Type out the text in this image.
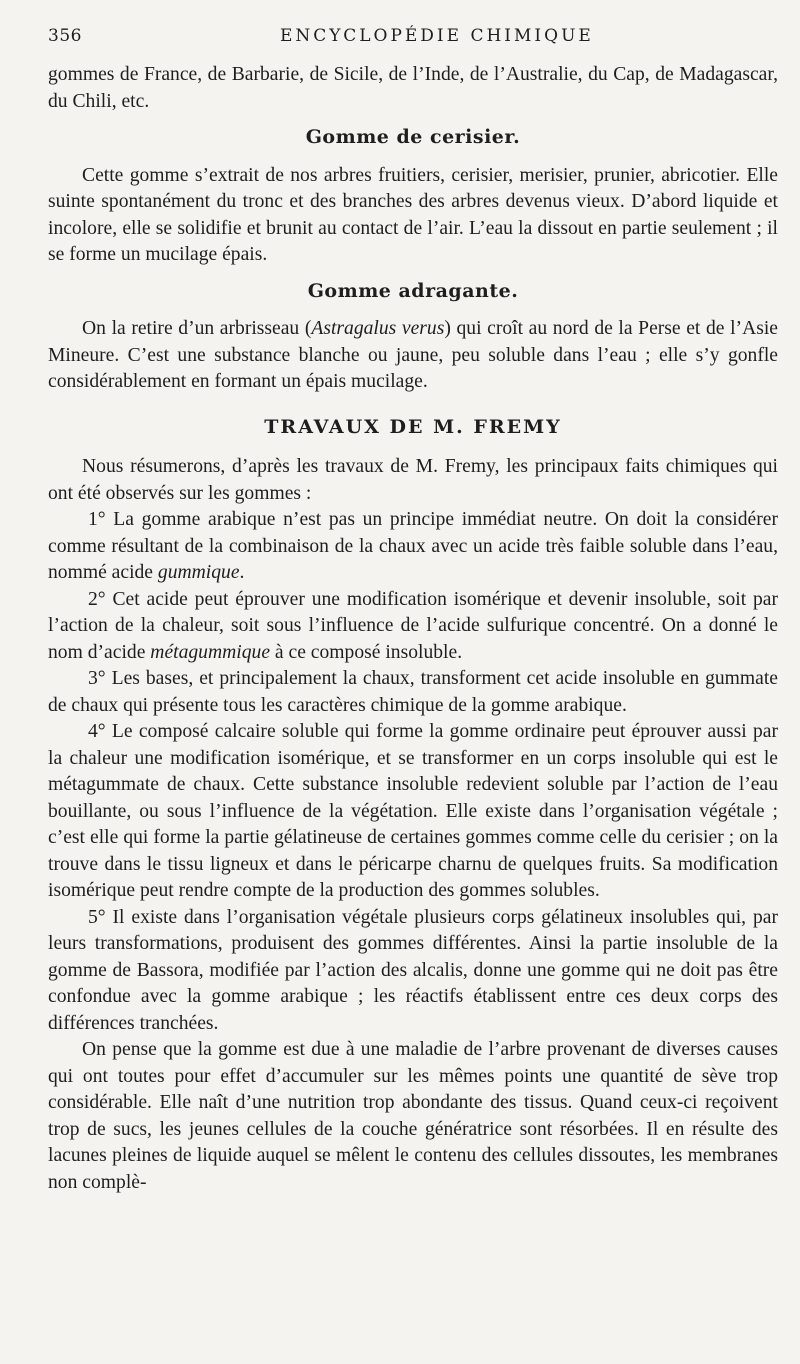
356	ENCYCLOPÉDIE CHIMIQUE

gommes de France, de Barbarie, de Sicile, de l’Inde, de l’Australie, du Cap, de Madagascar, du Chili, etc.

Gomme de cerisier.

Cette gomme s’extrait de nos arbres fruitiers, cerisier, merisier, prunier, abricotier. Elle suinte spontanément du tronc et des branches des arbres devenus vieux. D’abord liquide et incolore, elle se solidifie et brunit au contact de l’air. L’eau la dissout en partie seulement ; il se forme un mucilage épais.

Gomme adragante.

On la retire d’un arbrisseau (Astragalus verus) qui croît au nord de la Perse et de l’Asie Mineure. C’est une substance blanche ou jaune, peu soluble dans l’eau ; elle s’y gonfle considérablement en formant un épais mucilage.

TRAVAUX DE M. FREMY

Nous résumerons, d’après les travaux de M. Fremy, les principaux faits chimiques qui ont été observés sur les gommes :

1° La gomme arabique n’est pas un principe immédiat neutre. On doit la considérer comme résultant de la combinaison de la chaux avec un acide très faible soluble dans l’eau, nommé acide gummique.

2° Cet acide peut éprouver une modification isomérique et devenir insoluble, soit par l’action de la chaleur, soit sous l’influence de l’acide sulfurique concentré. On a donné le nom d’acide métagummique à ce composé insoluble.

3° Les bases, et principalement la chaux, transforment cet acide insoluble en gummate de chaux qui présente tous les caractères chimique de la gomme arabique.

4° Le composé calcaire soluble qui forme la gomme ordinaire peut éprouver aussi par la chaleur une modification isomérique, et se transformer en un corps insoluble qui est le métagummate de chaux. Cette substance insoluble redevient soluble par l’action de l’eau bouillante, ou sous l’influence de la végétation. Elle existe dans l’organisation végétale ; c’est elle qui forme la partie gélatineuse de certaines gommes comme celle du cerisier ; on la trouve dans le tissu ligneux et dans le péricarpe charnu de quelques fruits. Sa modification isomérique peut rendre compte de la production des gommes solubles.

5° Il existe dans l’organisation végétale plusieurs corps gélatineux insolubles qui, par leurs transformations, produisent des gommes différentes. Ainsi la partie insoluble de la gomme de Bassora, modifiée par l’action des alcalis, donne une gomme qui ne doit pas être confondue avec la gomme arabique ; les réactifs établissent entre ces deux corps des différences tranchées.

On pense que la gomme est due à une maladie de l’arbre provenant de diverses causes qui ont toutes pour effet d’accumuler sur les mêmes points une quantité de sève trop considérable. Elle naît d’une nutrition trop abondante des tissus. Quand ceux-ci reçoivent trop de sucs, les jeunes cellules de la couche génératrice sont résorbées. Il en résulte des lacunes pleines de liquide auquel se mêlent le contenu des cellules dissoutes, les membranes non complè-
